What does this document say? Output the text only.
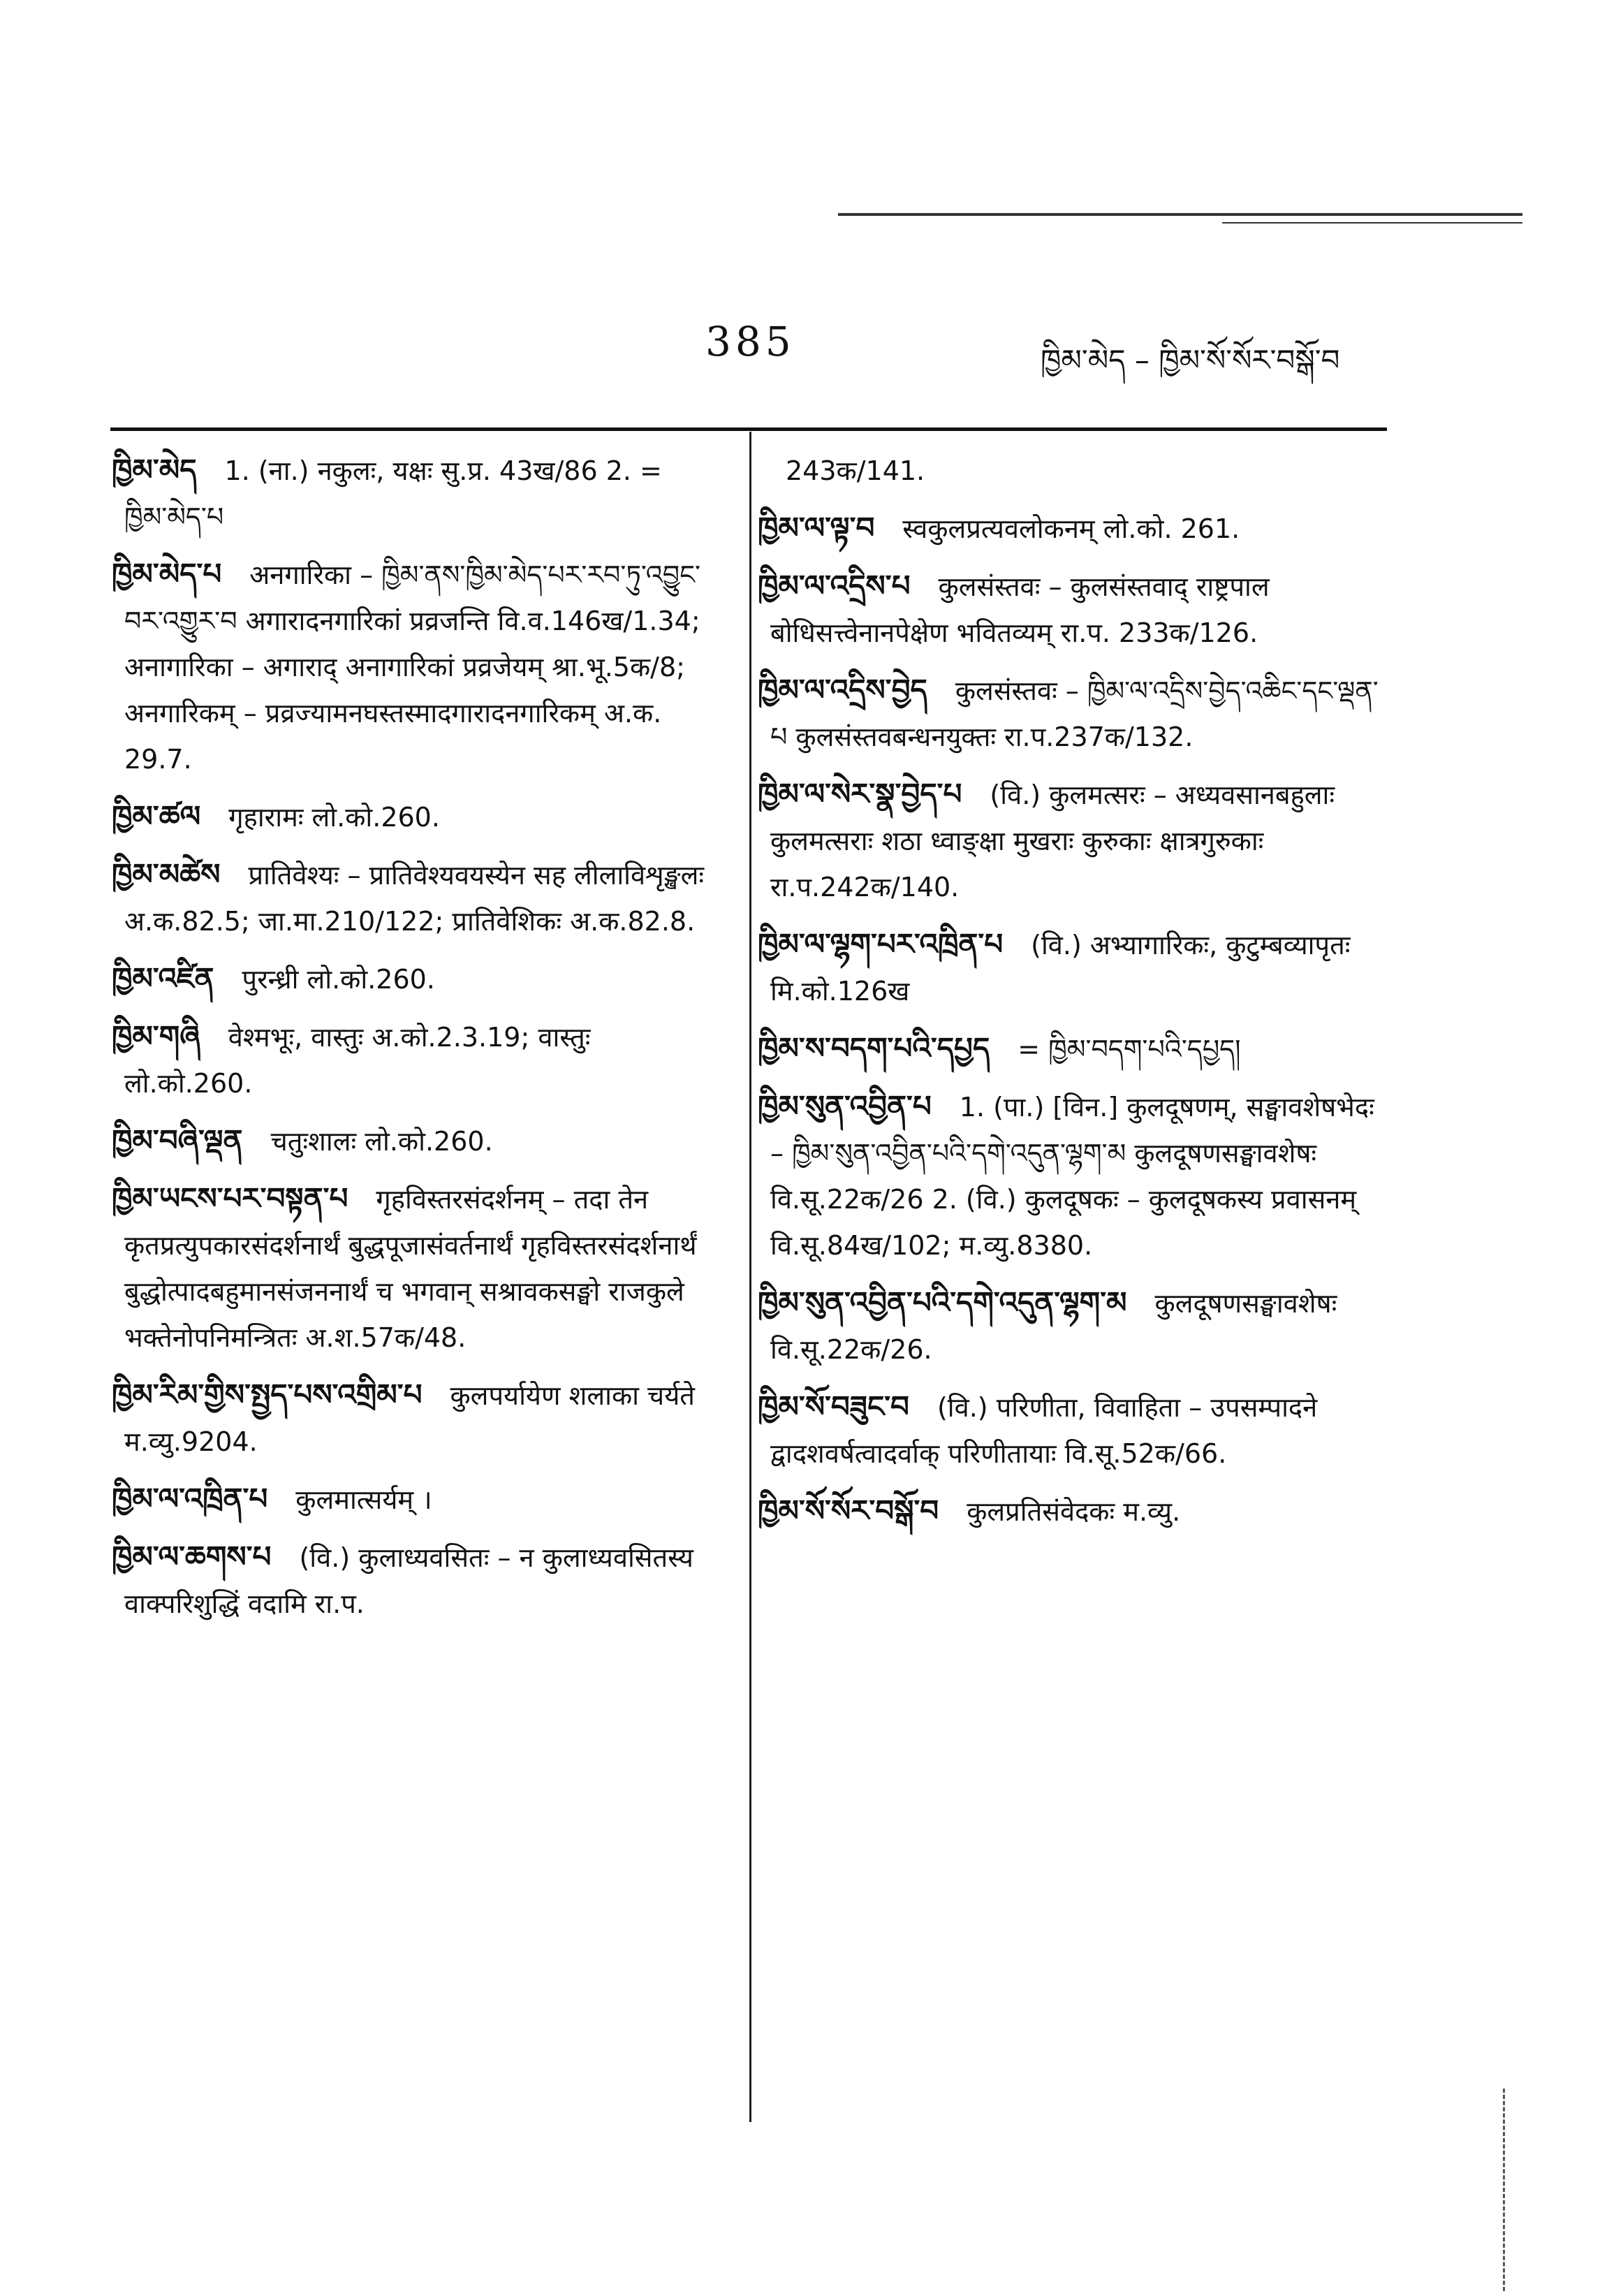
385	ཁྱིམ་མེད – ཁྱིམ་སོ་སོར་བསྒོ་བ

ཁྱིམ་མེད 1. (ना.) नकुलः, यक्षः सु.प्र. 43ख/86 2. = ཁྱིམ་མེད་པ

ཁྱིམ་མེད་པ अनगारिका – ཁྱིམ་ནས་ཁྱིམ་མེད་པར་རབ་ཏུ་འབྱུང་བར་འགྱུར་བ अगारादनगारिकां प्रव्रजन्ति वि.व.146ख/1.34; अनागारिका – अगाराद् अनागारिकां प्रव्रजेयम् श्रा.भू.5क/8; अनगारिकम् – प्रव्रज्यामनघस्तस्मादगारादनगारिकम् अ.क. 29.7.

ཁྱིམ་ཚལ गृहारामः लो.को.260.

ཁྱིམ་མཚེས प्रातिवेश्यः – प्रातिवेश्यवयस्येन सह लीलाविशृङ्खलः अ.क.82.5; जा.मा.210/122; प्रातिवेशिकः अ.क.82.8.

ཁྱིམ་འཛིན पुरन्ध्री लो.को.260.

ཁྱིམ་གཞི वेश्मभूः, वास्तुः अ.को.2.3.19; वास्तुः लो.को.260.

ཁྱིམ་བཞི་ལྡན चतुःशालः लो.को.260.

ཁྱིམ་ཡངས་པར་བསྟན་པ गृहविस्तरसंदर्शनम् – तदा तेन कृतप्रत्युपकारसंदर्शनार्थं बुद्धपूजासंवर्तनार्थं गृहविस्तरसंदर्शनार्थं बुद्धोत्पादबहुमानसंजननार्थं च भगवान् सश्रावकसङ्घो राजकुले भक्तेनोपनिमन्त्रितः अ.श.57क/48.

ཁྱིམ་རིམ་གྱིས་སྤྱད་པས་འགྲིམ་པ कुलपर्यायेण शलाका चर्यते म.व्यु.9204.

ཁྱིམ་ལ་འཁྲིན་པ कुलमात्सर्यम् ।

ཁྱིམ་ལ་ཆགས་པ (वि.) कुलाध्यवसितः – न कुलाध्यवसितस्य वाक्परिशुद्धिं वदामि रा.प.

243क/141.

ཁྱིམ་ལ་ལྟ་བ स्वकुलप्रत्यवलोकनम् लो.को. 261.

ཁྱིམ་ལ་འདྲིས་པ कुलसंस्तवः – कुलसंस्तवाद् राष्ट्रपाल बोधिसत्त्वेनानपेक्षेण भवितव्यम् रा.प. 233क/126.

ཁྱིམ་ལ་འདྲིས་བྱེད कुलसंस्तवः – ཁྱིམ་ལ་འདྲིས་བྱེད་འཆིང་དང་ལྡན་པ कुलसंस्तवबन्धनयुक्तः रा.प.237क/132.

ཁྱིམ་ལ་སེར་སྣ་བྱེད་པ (वि.) कुलमत्सरः – अध्यवसानबहुलाः कुलमत्सराः शठा ध्वाङ्क्षा मुखराः कुरुकाः क्षात्रगुरुकाः रा.प.242क/140.

ཁྱིམ་ལ་ལྷག་པར་འཁྲིན་པ (वि.) अभ्यागारिकः, कुटुम्बव्यापृतः मि.को.126ख

ཁྱིམ་ས་བདག་པའི་དཔྱད = ཁྱིམ་བདག་པའི་དཔྱད།

ཁྱིམ་སུན་འབྱིན་པ 1. (पा.) [विन.] कुलदूषणम्, सङ्घावशेषभेदः – ཁྱིམ་སུན་འབྱིན་པའི་དགེ་འདུན་ལྷག་མ कुलदूषणसङ्घावशेषः वि.सू.22क/26 2. (वि.) कुलदूषकः – कुलदूषकस्य प्रवासनम् वि.सू.84ख/102; म.व्यु.8380.

ཁྱིམ་སུན་འབྱིན་པའི་དགེ་འདུན་ལྷག་མ कुलदूषणसङ्घावशेषः वि.सू.22क/26.

ཁྱིམ་སོ་བཟུང་བ (वि.) परिणीता, विवाहिता – उपसम्पादने द्वादशवर्षत्वादर्वाक् परिणीतायाः वि.सू.52क/66.

ཁྱིམ་སོ་སོར་བསྒོ་བ कुलप्रतिसंवेदकः म.व्यु.
